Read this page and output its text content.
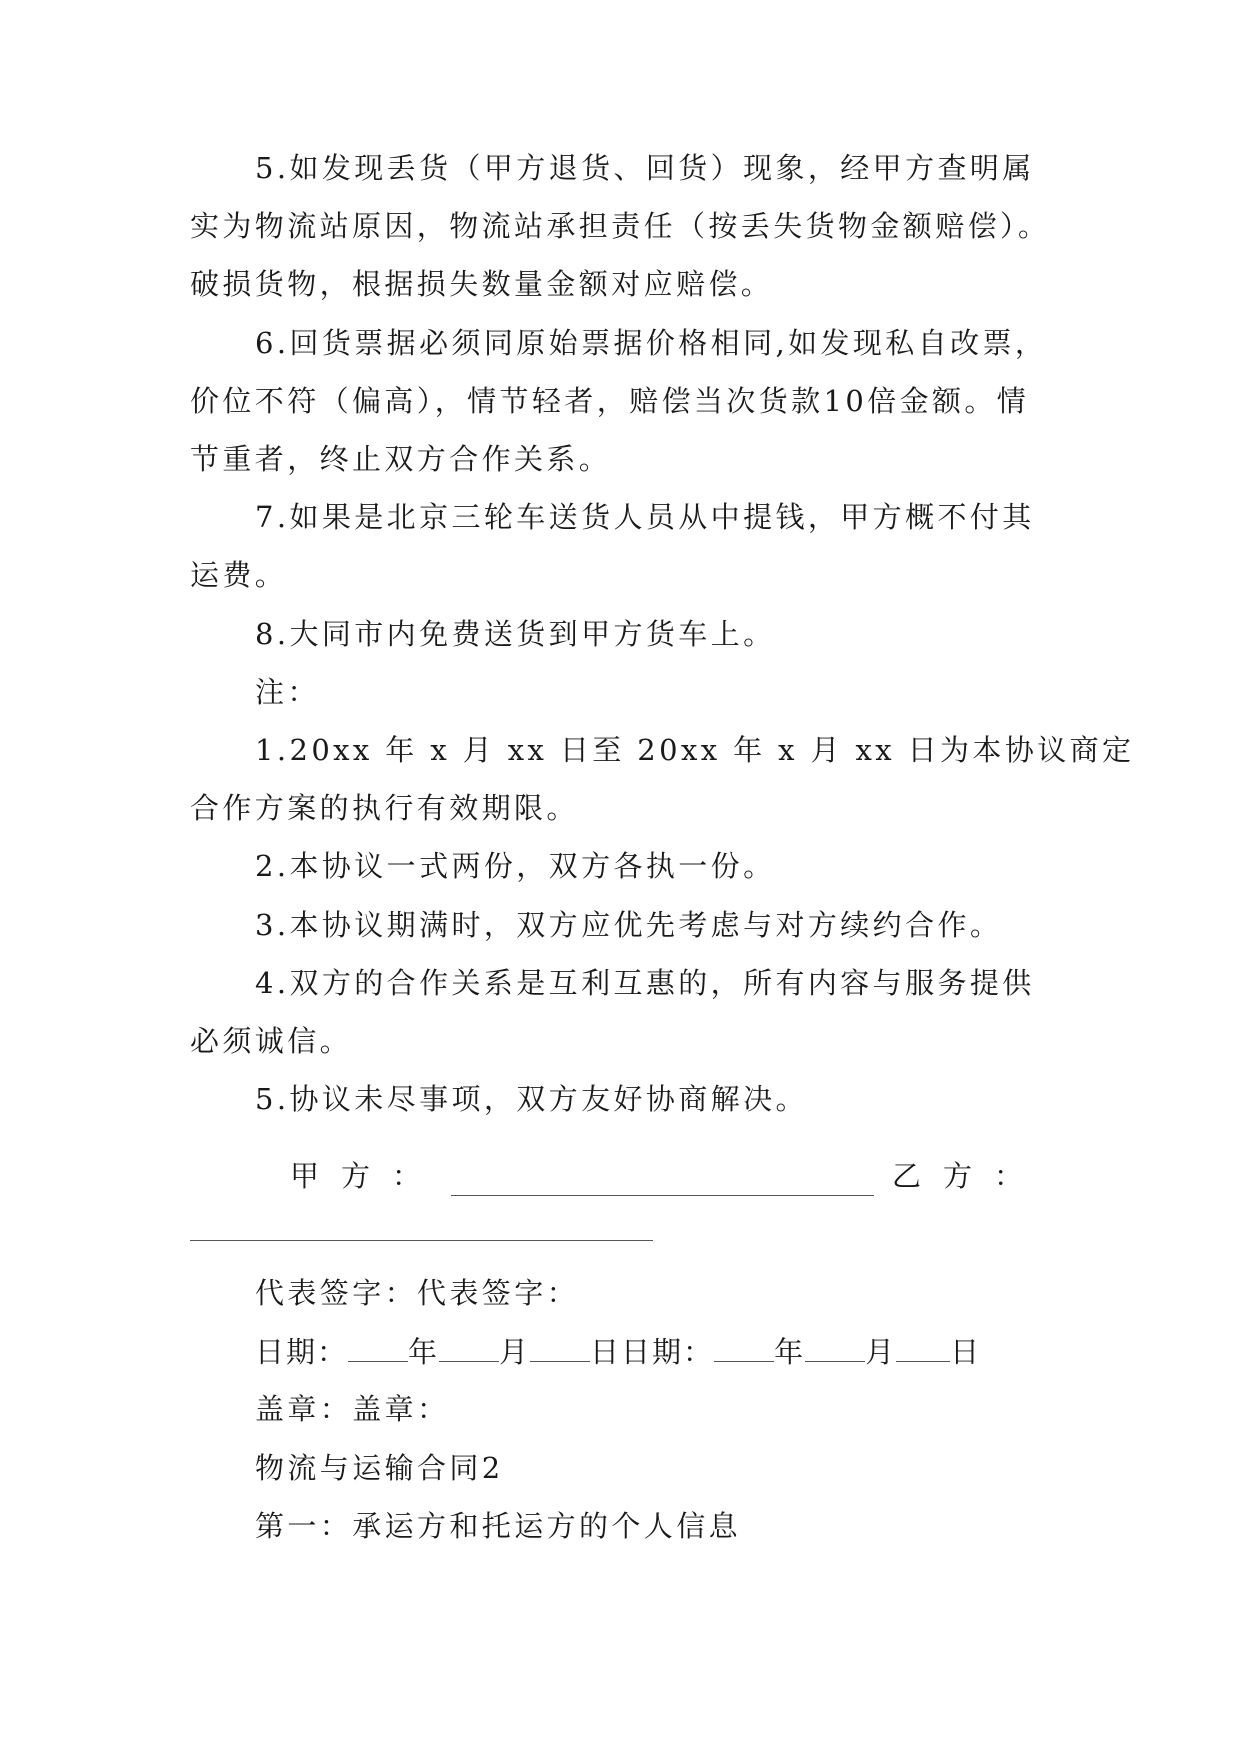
5.如发现丢货（甲方退货、回货）现象，经甲方查明属
实为物流站原因，物流站承担责任（按丢失货物金额赔偿）。
破损货物，根据损失数量金额对应赔偿。
6.回货票据必须同原始票据价格相同,如发现私自改票，
价位不符（偏高），情节轻者，赔偿当次货款10倍金额。情
节重者，终止双方合作关系。
7.如果是北京三轮车送货人员从中提钱，甲方概不付其
运费。
8.大同市内免费送货到甲方货车上。
注：
1.20xx 年 x 月 xx 日至 20xx 年 x 月 xx 日为本协议商定
合作方案的执行有效期限。
2.本协议一式两份，双方各执一份。
3.本协议期满时，双方应优先考虑与对方续约合作。
4.双方的合作关系是互利互惠的，所有内容与服务提供
必须诚信。
5.协议未尽事项，双方友好协商解决。
甲方：	乙方：
代表签字：代表签字：
日期： 年 月 日日期： 年 月 日
盖章：盖章：
物流与运输合同2
第一：承运方和托运方的个人信息
